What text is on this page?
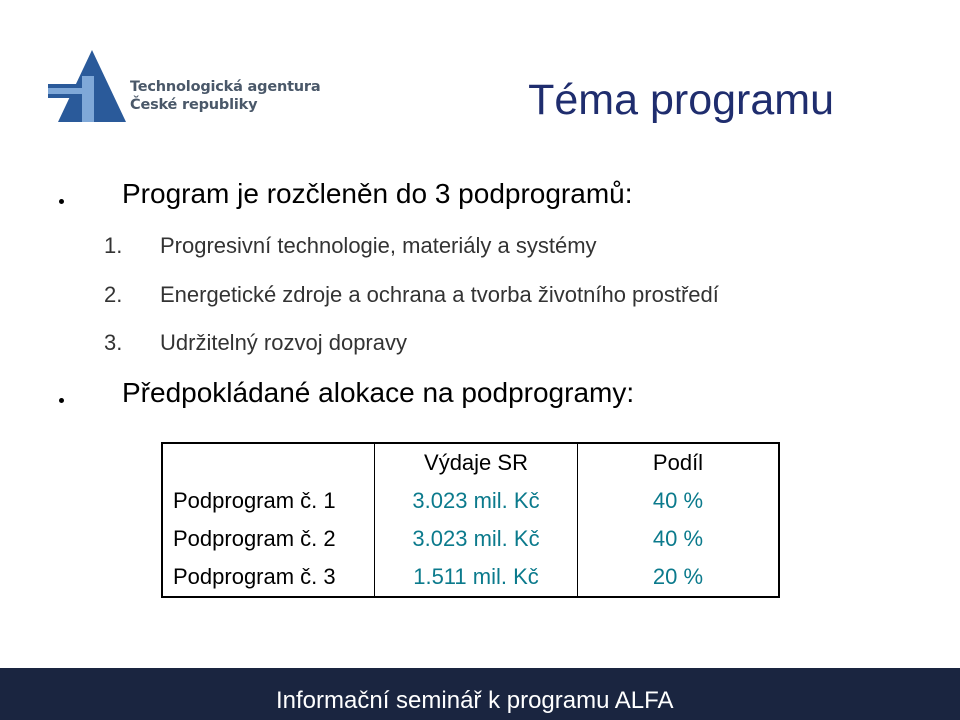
Technologická agentura
České republiky	Téma programu
Program je rozčleněn do 3 podprogramů:
1. Progresivní technologie, materiály a systémy
2. Energetické zdroje a ochrana a tvorba životního prostředí
3. Udržitelný rozvoj dopravy
Předpokládané alokace na podprogramy:
	Výdaje SR	Podíl
Podprogram č. 1	3.023 mil. Kč	40 %
Podprogram č. 2	3.023 mil. Kč	40 %
Podprogram č. 3	1.511 mil. Kč	20 %
Informační seminář k programu ALFA
